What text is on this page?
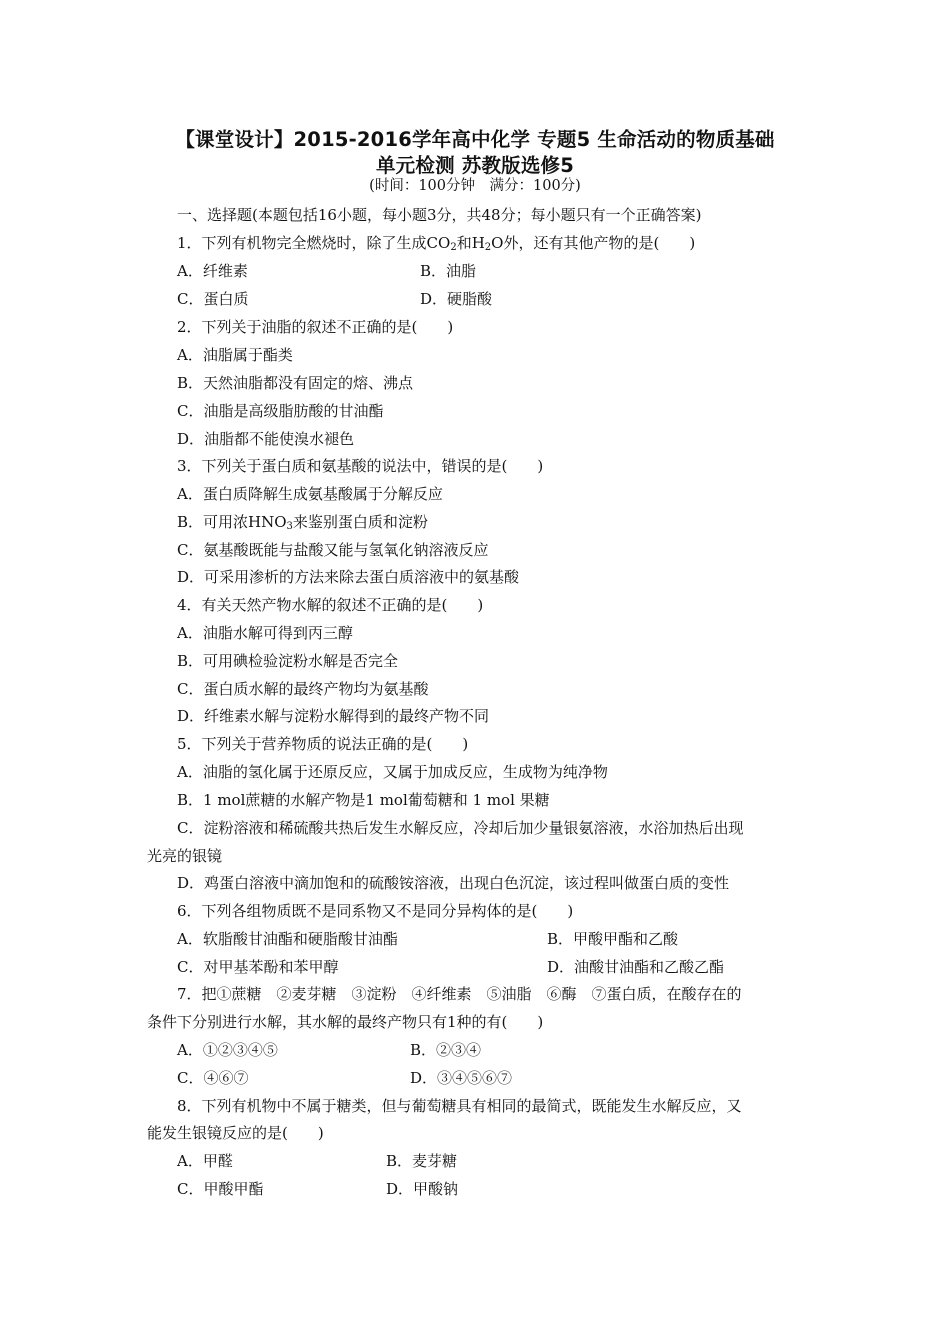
【课堂设计】2015-2016学年高中化学 专题5 生命活动的物质基础
单元检测 苏教版选修5
(时间：100分钟　满分：100分)
一、选择题(本题包括16小题，每小题3分，共48分；每小题只有一个正确答案)
1．下列有机物完全燃烧时，除了生成$CO_2$和$H_2O$外，还有其他产物的是(　　)
A．纤维素	B．油脂
C．蛋白质	D．硬脂酸
2．下列关于油脂的叙述不正确的是(　　)
A．油脂属于酯类
B．天然油脂都没有固定的熔、沸点
C．油脂是高级脂肪酸的甘油酯
D．油脂都不能使溴水褪色
3．下列关于蛋白质和氨基酸的说法中，错误的是(　　)
A．蛋白质降解生成氨基酸属于分解反应
B．可用浓$HNO_3$来鉴别蛋白质和淀粉
C．氨基酸既能与盐酸又能与氢氧化钠溶液反应
D．可采用渗析的方法来除去蛋白质溶液中的氨基酸
4．有关天然产物水解的叙述不正确的是(　　)
A．油脂水解可得到丙三醇
B．可用碘检验淀粉水解是否完全
C．蛋白质水解的最终产物均为氨基酸
D．纤维素水解与淀粉水解得到的最终产物不同
5．下列关于营养物质的说法正确的是(　　)
A．油脂的氢化属于还原反应，又属于加成反应，生成物为纯净物
B．1 mol蔗糖的水解产物是1 mol葡萄糖和 1 mol 果糖
C．淀粉溶液和稀硫酸共热后发生水解反应，冷却后加少量银氨溶液，水浴加热后出现
光亮的银镜
D．鸡蛋白溶液中滴加饱和的硫酸铵溶液，出现白色沉淀，该过程叫做蛋白质的变性
6．下列各组物质既不是同系物又不是同分异构体的是(　　)
A．软脂酸甘油酯和硬脂酸甘油酯	B．甲酸甲酯和乙酸
C．对甲基苯酚和苯甲醇	D．油酸甘油酯和乙酸乙酯
7．把①蔗糖　②麦芽糖　③淀粉　④纤维素　⑤油脂　⑥酶　⑦蛋白质，在酸存在的
条件下分别进行水解，其水解的最终产物只有1种的有(　　)
A．①②③④⑤	B．②③④
C．④⑥⑦	D．③④⑤⑥⑦
8．下列有机物中不属于糖类，但与葡萄糖具有相同的最简式，既能发生水解反应，又
能发生银镜反应的是(　　)
A．甲醛	B．麦芽糖
C．甲酸甲酯	D．甲酸钠
